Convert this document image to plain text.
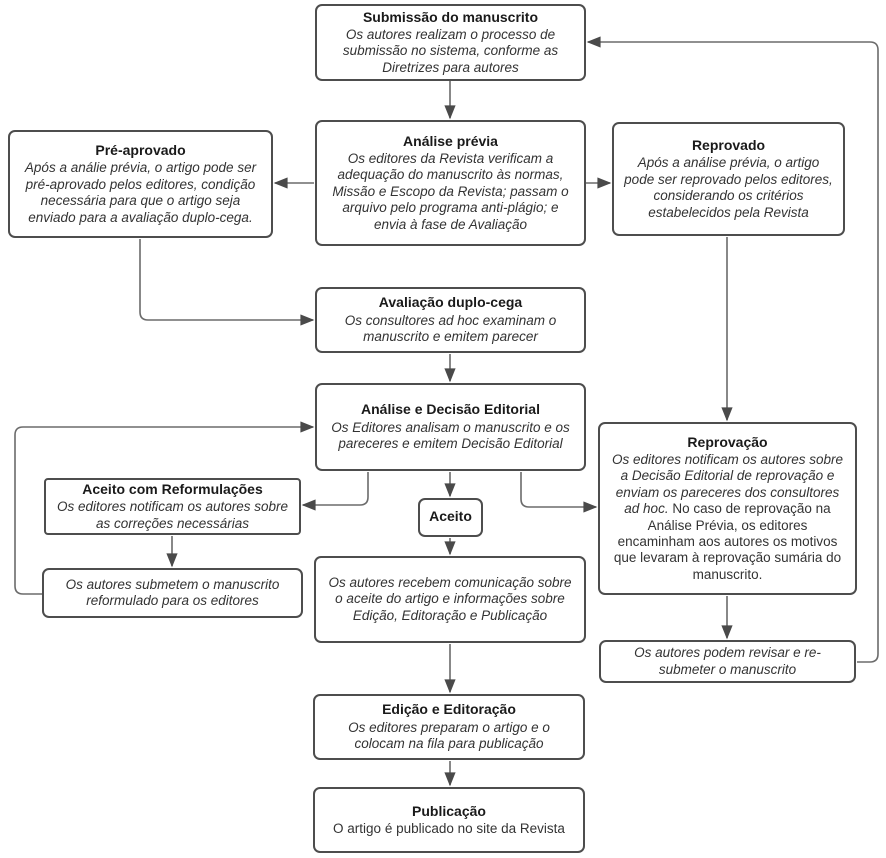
Submissão do manuscrito
Os autores realizam o processo de submissão no sistema, conforme as Diretrizes para autores
Análise prévia
Os editores da Revista verificam a adequação do manuscrito às normas, Missão e Escopo da Revista; passam o arquivo pelo programa anti-plágio; e envia à fase de Avaliação
Pré-aprovado
Após a análie prévia, o artigo pode ser pré-aprovado pelos editores, condição necessária para que o artigo seja enviado para a avaliação duplo-cega.
Reprovado
Após a análise prévia, o artigo pode ser reprovado pelos editores, considerando os critérios estabelecidos pela Revista
Avaliação duplo-cega
Os consultores ad hoc examinam o manuscrito e emitem parecer
Análise e Decisão Editorial
Os Editores analisam o manuscrito e os pareceres e emitem Decisão Editorial
Aceito com Reformulações
Os editores notificam os autores sobre as correções necessárias
Reprovação
Os editores notificam os autores sobre a Decisão Editorial de reprovação e enviam os pareceres dos consultores ad hoc. No caso de reprovação na Análise Prévia, os editores encaminham aos autores os motivos que levaram à reprovação sumária do manuscrito.
Aceito
Os autores submetem o manuscrito reformulado para os editores
Os autores recebem comunicação sobre o aceite do artigo e informações sobre Edição, Editoração e Publicação
Os autores podem revisar e re-submeter o manuscrito
Edição e Editoração
Os editores preparam o artigo e o colocam na fila para publicação
Publicação
O artigo é publicado no site da Revista
